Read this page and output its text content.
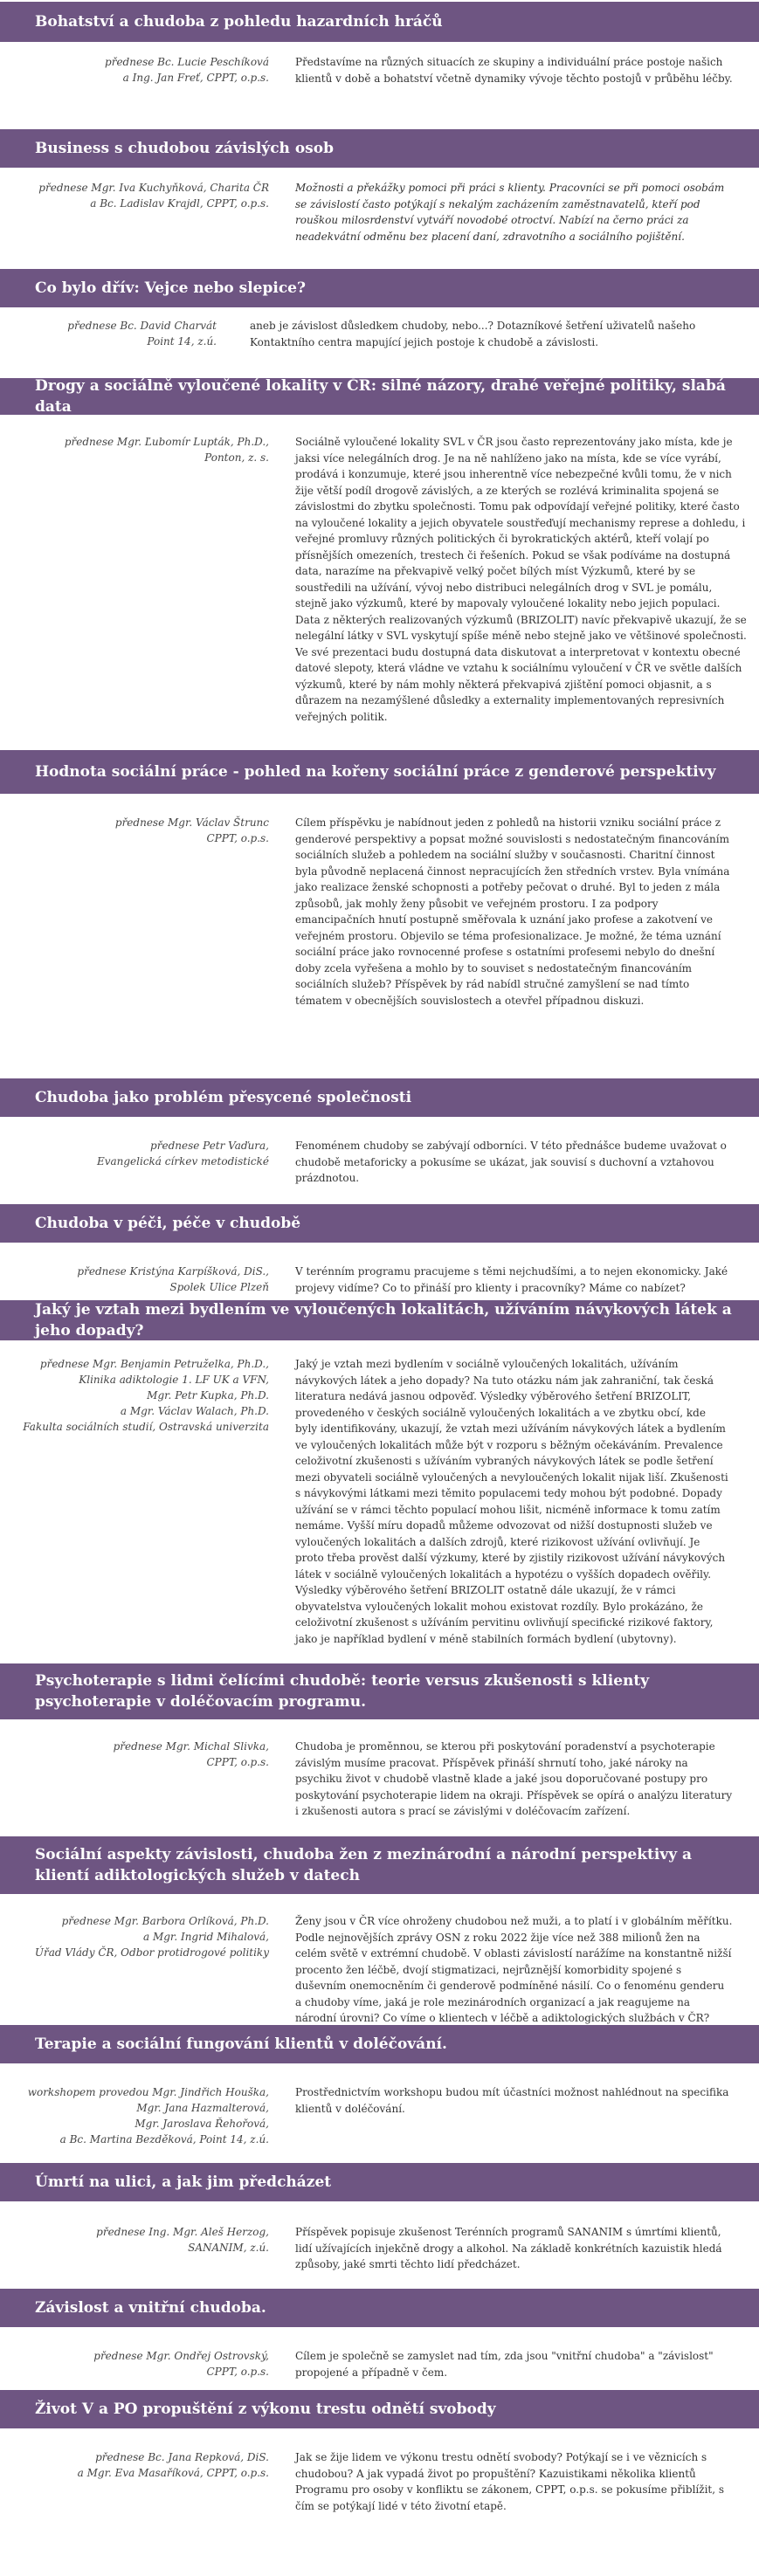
Bohatství a chudoba z pohledu hazardních hráčů
přednese Bc. Lucie Peschíková
a Ing. Jan Freť, CPPT, o.p.s.
Představíme na různých situacích ze skupiny a individuální práce postoje našich klientů v době a bohatství včetně dynamiky vývoje těchto postojů v průběhu léčby.
Business s chudobou závislých osob
přednese Mgr. Iva Kuchyňková, Charita ČR
a Bc. Ladislav Krajdl, CPPT, o.p.s.
Možnosti a překážky pomoci při práci s klienty. Pracovníci se při pomoci osobám se závislostí často potýkají s nekalým zacházením zaměstnavatelů, kteří pod rouškou milosrdenství vytváří novodobé otroctví. Nabízí na černo práci za neadekvátní odměnu bez placení daní, zdravotního a sociálního pojištění.
Co bylo dřív: Vejce nebo slepice?
přednese Bc. David Charvát
Point 14, z.ú.
aneb je závislost důsledkem chudoby, nebo...? Dotazníkové šetření uživatelů našeho Kontaktního centra mapující jejich postoje k chudobě a závislosti.
Drogy a sociálně vyloučené lokality v ČR: silné názory, drahé veřejné politiky, slabá data
přednese Mgr. Ľubomír Lupták, Ph.D.,
Ponton, z. s.
Sociálně vyloučené lokality SVL v ČR jsou často reprezentovány jako místa, kde je jaksi více nelegálních drog. Je na ně nahlíženo jako na místa, kde se více vyrábí, prodává i konzumuje, které jsou inherentně více nebezpečné kvůli tomu, že v nich žije větší podíl drogově závislých, a ze kterých se rozlévá kriminalita spojená se závislostmi do zbytku společnosti. Tomu pak odpovídají veřejné politiky, které často na vyloučené lokality a jejich obyvatele soustřeďují mechanismy represe a dohledu, i veřejné promluvy různých politických či byrokratických aktérů, kteří volají po přísnějších omezeních, trestech či řešeních. Pokud se však podíváme na dostupná data, narazíme na překvapivě velký počet bílých míst Výzkumů, které by se soustředili na užívání, vývoj nebo distribuci nelegálních drog v SVL je pomálu, stejně jako výzkumů, které by mapovaly vyloučené lokality nebo jejich populaci. Data z některých realizovaných výzkumů (BRIZOLIT) navíc překvapivě ukazují, že se nelegální látky v SVL vyskytují spíše méně nebo stejně jako ve většinové společnosti. Ve své prezentaci budu dostupná data diskutovat a interpretovat v kontextu obecné datové slepoty, která vládne ve vztahu k sociálnímu vyloučení v ČR ve světle dalších výzkumů, které by nám mohly některá překvapivá zjištění pomoci objasnit, a s důrazem na nezamýšlené důsledky a externality implementovaných represivních veřejných politik.
Hodnota sociální práce - pohled na kořeny sociální práce z genderové perspektivy
přednese Mgr. Václav Štrunc
CPPT, o.p.s.
Cílem příspěvku je nabídnout jeden z pohledů na historii vzniku sociální práce z genderové perspektivy a popsat možné souvislosti s nedostatečným financováním sociálních služeb a pohledem na sociální služby v současnosti. Charitní činnost byla původně neplacená činnost nepracujících žen středních vrstev. Byla vnímána jako realizace ženské schopnosti a potřeby pečovat o druhé. Byl to jeden z mála způsobů, jak mohly ženy působit ve veřejném prostoru. I za podpory emancipačních hnutí postupně směřovala k uznání jako profese a zakotvení ve veřejném prostoru. Objevilo se téma profesionalizace. Je možné, že téma uznání sociální práce jako rovnocenné profese s ostatními profesemi nebylo do dnešní doby zcela vyřešena a mohlo by to souviset s nedostatečným financováním sociálních služeb? Příspěvek by rád nabídl stručné zamyšlení se nad tímto tématem v obecnějších souvislostech a otevřel případnou diskuzi.
Chudoba jako problém přesycené společnosti
přednese Petr Vaďura,
Evangelická církev metodistické
Fenoménem chudoby se zabývají odborníci. V této přednášce budeme uvažovat o chudobě metaforicky a pokusíme se ukázat, jak souvisí s duchovní a vztahovou prázdnotou.
Chudoba v péči, péče v chudobě
přednese Kristýna Karpíšková, DiS.,
Spolek Ulice Plzeň
V terénním programu pracujeme s těmi nejchudšími, a to nejen ekonomicky. Jaké projevy vidíme? Co to přináší pro klienty i pracovníky? Máme co nabízet?
Jaký je vztah mezi bydlením ve vyloučených lokalitách, užíváním návykových látek a jeho dopady?
přednese Mgr. Benjamin Petruželka, Ph.D.,
Klinika adiktologie 1. LF UK a VFN,
Mgr. Petr Kupka, Ph.D.
a Mgr. Václav Walach, Ph.D.
Fakulta sociálních studií, Ostravská univerzita
Jaký je vztah mezi bydlením v sociálně vyloučených lokalitách, užíváním návykových látek a jeho dopady? Na tuto otázku nám jak zahraniční, tak česká literatura nedává jasnou odpověď. Výsledky výběrového šetření BRIZOLIT, provedeného v českých sociálně vyloučených lokalitách a ve zbytku obcí, kde byly identifikovány, ukazují, že vztah mezi užíváním návykových látek a bydlením ve vyloučených lokalitách může být v rozporu s běžným očekáváním. Prevalence celoživotní zkušenosti s užíváním vybraných návykových látek se podle šetření mezi obyvateli sociálně vyloučených a nevyloučených lokalit nijak liší. Zkušenosti s návykovými látkami mezi těmito populacemi tedy mohou být podobné. Dopady užívání se v rámci těchto populací mohou lišit, nicméně informace k tomu zatím nemáme. Vyšší míru dopadů můžeme odvozovat od nižší dostupnosti služeb ve vyloučených lokalitách a dalších zdrojů, které rizikovost užívání ovlivňují. Je proto třeba prověst další výzkumy, které by zjistily rizikovost užívání návykových látek v sociálně vyloučených lokalitách a hypotézu o vyšších dopadech ověřily. Výsledky výběrového šetření BRIZOLIT ostatně dále ukazují, že v rámci obyvatelstva vyloučených lokalit mohou existovat rozdíly. Bylo prokázáno, že celoživotní zkušenost s užíváním pervitinu ovlivňují specifické rizikové faktory, jako je například bydlení v méně stabilních formách bydlení (ubytovny).
Psychoterapie s lidmi čelícími chudobě: teorie versus zkušenosti s klienty psychoterapie v doléčovacím programu.
přednese Mgr. Michal Slivka,
CPPT, o.p.s.
Chudoba je proměnnou, se kterou při poskytování poradenství a psychoterapie závislým musíme pracovat. Příspěvek přináší shrnutí toho, jaké nároky na psychiku život v chudobě vlastně klade a jaké jsou doporučované postupy pro poskytování psychoterapie lidem na okraji. Příspěvek se opírá o analýzu literatury i zkušenosti autora s prací se závislými v doléčovacím zařízení.
Sociální aspekty závislosti, chudoba žen z mezinárodní a národní perspektivy a klientí adiktologických služeb v datech
přednese Mgr. Barbora Orlíková, Ph.D.
a Mgr. Ingrid Mihalová,
Úřad Vlády ČR, Odbor protidrogové politiky
Ženy jsou v ČR více ohroženy chudobou než muži, a to platí i v globálním měřítku. Podle nejnovějších zprávy OSN z roku 2022 žije více než 388 milionů žen na celém světě v extrémní chudobě. V oblasti závislostí narážíme na konstantně nižší procento žen léčbě, dvojí stigmatizaci, nejrůznější komorbidity spojené s duševním onemocněním či genderově podmíněné násilí. Co o fenoménu genderu a chudoby víme, jaká je role mezinárodních organizací a jak reagujeme na národní úrovni? Co víme o klientech v léčbě a adiktologických službách v ČR?
Terapie a sociální fungování klientů v doléčování.
workshopem provedou Mgr. Jindřich Houška,
Mgr. Jana Hazmalterová,
Mgr. Jaroslava Řehořová,
a Bc. Martina Bezděková, Point 14, z.ú.
Prostřednictvím workshopu budou mít účastníci možnost nahlédnout na specifika klientů v doléčování.
Úmrtí na ulici, a jak jim předcházet
přednese Ing. Mgr. Aleš Herzog,
SANANIM, z.ú.
Příspěvek popisuje zkušenost Terénních programů SANANIM s úmrtími klientů, lidí užívajících injekčně drogy a alkohol. Na základě konkrétních kazuistik hledá způsoby, jaké smrti těchto lidí předcházet.
Závislost a vnitřní chudoba.
přednese Mgr. Ondřej Ostrovský,
CPPT, o.p.s.
Cílem je společně se zamyslet nad tím, zda jsou "vnitřní chudoba" a "závislost" propojené a případně v čem.
Život V a PO propuštění z výkonu trestu odnětí svobody
přednese Bc. Jana Repková, DiS.
a Mgr. Eva Masaříková, CPPT, o.p.s.
Jak se žije lidem ve výkonu trestu odnětí svobody? Potýkají se i ve věznicích s chudobou? A jak vypadá život po propuštění? Kazuistikami několika klientů Programu pro osoby v konfliktu se zákonem, CPPT, o.p.s. se pokusíme přiblížit, s čím se potýkají lidé v této životní etapě.
